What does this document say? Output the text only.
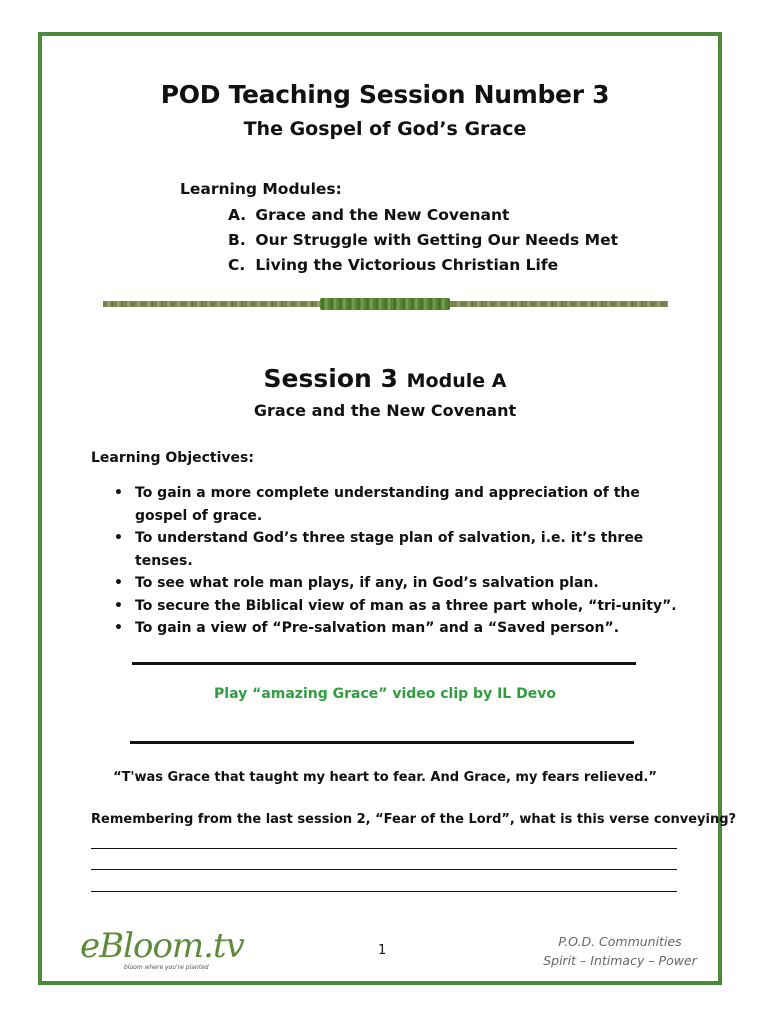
POD Teaching Session Number 3
The Gospel of God’s Grace
Learning Modules:
A. Grace and the New Covenant
B. Our Struggle with Getting Our Needs Met
C. Living the Victorious Christian Life
Session 3 Module A
Grace and the New Covenant
Learning Objectives:
• To gain a more complete understanding and appreciation of the gospel of grace.
• To understand God’s three stage plan of salvation, i.e. it’s three tenses.
• To see what role man plays, if any, in God’s salvation plan.
• To secure the Biblical view of man as a three part whole, “tri-unity”.
• To gain a view of “Pre-salvation man” and a “Saved person”.
Play “amazing Grace” video clip by IL Devo
“T'was Grace that taught my heart to fear. And Grace, my fears relieved.”
Remembering from the last session 2, “Fear of the Lord”, what is this verse conveying?
eBloom.tv
bloom where you're planted
1
P.O.D. Communities
Spirit – Intimacy – Power
